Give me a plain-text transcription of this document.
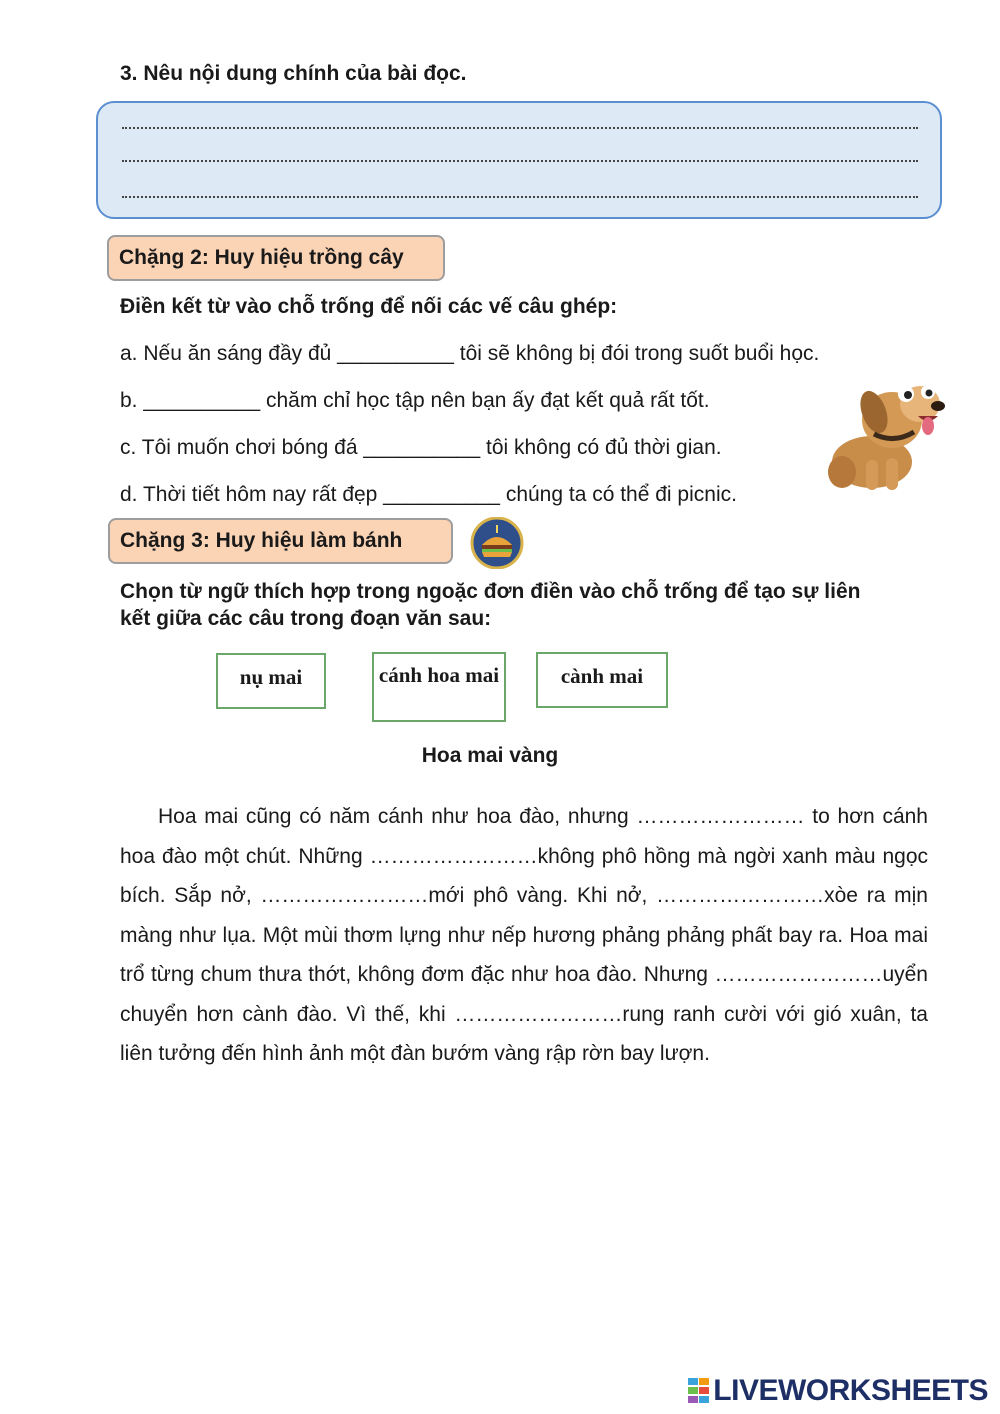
3. Nêu nội dung chính của bài đọc.
Chặng 2: Huy hiệu trồng cây
Điền kết từ vào chỗ trống để nối các vế câu ghép:
a. Nếu ăn sáng đầy đủ __________ tôi sẽ không bị đói trong suốt buổi học.
b. __________ chăm chỉ học tập nên bạn ấy đạt kết quả rất tốt.
c. Tôi muốn chơi bóng đá __________ tôi không có đủ thời gian.
d. Thời tiết hôm nay rất đẹp __________ chúng ta có thể đi picnic.
Chặng 3: Huy hiệu làm bánh
Chọn từ ngữ thích hợp trong ngoặc đơn điền vào chỗ trống để tạo sự liên
kết giữa các câu trong đoạn văn sau:
nụ mai	cánh hoa mai	cành mai
Hoa mai vàng
Hoa mai cũng có năm cánh như hoa đào, nhưng …………………… to hơn cánh hoa đào một chút. Những ……………………không phô hồng mà ngời xanh màu ngọc bích. Sắp nở, ……………………mới phô vàng. Khi nở, ……………………xòe ra mịn màng như lụa. Một mùi thơm lựng như nếp hương phảng phảng phất bay ra. Hoa mai trổ từng chum thưa thớt, không đơm đặc như hoa đào. Nhưng ……………………uyển chuyển hơn cành đào. Vì thế, khi ……………………rung ranh cười với gió xuân, ta liên tưởng đến hình ảnh một đàn bướm vàng rập rờn bay lượn.
LIVEWORKSHEETS
